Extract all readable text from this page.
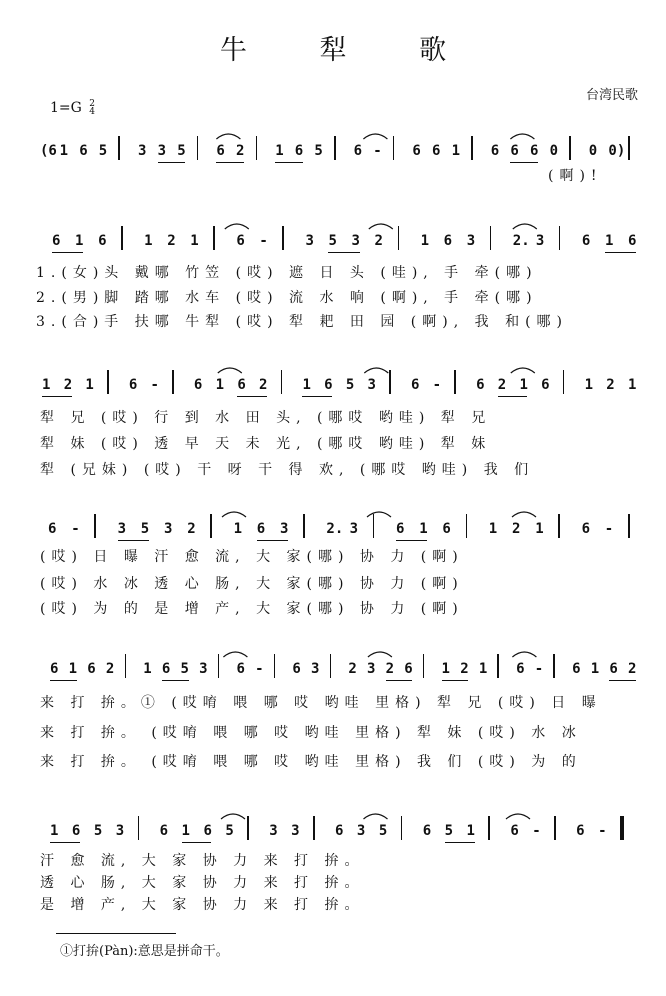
牛 犁 歌
台湾民歌
1=G 2
4
(6 1 6 5 3 3 5 6 2 1 6 5 6 - 6 6 1 6 6 6 0 0 0)
(啊)!
6 1 6	1 2 1	6 -	3 5 3 2	1 6 3	2. 3	6 1 6
1.(女)头 戴哪 竹笠 (哎) 遮 日 头 (哇), 手 牵(哪)
2.(男)脚 踏哪 水车 (哎) 流 水 响 (啊), 手 牵(哪)
3.(合)手 扶哪 牛犁 (哎) 犁 耙 田 园 (啊), 我 和(哪)
1 2 1 6 - 6 1 6 2 1 6 5 3 6 - 6 2 1 6 1 2 1
犁 兄 (哎) 行 到 水 田 头, (哪哎 哟哇) 犁 兄
犁 妹 (哎) 透 早 天 未 光, (哪哎 哟哇) 犁 妹
犁 (兄妹) (哎) 干 呀 干 得 欢, (哪哎 哟哇) 我 们
6 -	3 5 3 2	1 6 3	2. 3	6 1 6	1 2 1	6 -
(哎) 日 曝 汗 愈 流, 大 家(哪) 协 力 (啊)
(哎) 水 冰 透 心 肠, 大 家(哪) 协 力 (啊)
(哎) 为 的 是 增 产, 大 家(哪) 协 力 (啊)
6 1 6 2 1 6 5 3 6 - 6 3 2 3 2 6 1 2 1 6 - 6 1 6 2
来 打 拚。① (哎唷 喂 哪 哎 哟哇 里格) 犁 兄 (哎) 日 曝
来 打 拚。 (哎唷 喂 哪 哎 哟哇 里格) 犁 妹 (哎) 水 冰
来 打 拚。 (哎唷 喂 哪 哎 哟哇 里格) 我 们 (哎) 为 的
1 6 5 3	6 1 6 5	3 3	6 3 5	6 5 1	6 -	6 -
汗 愈 流, 大 家 协 力 来 打 拚。
透 心 肠, 大 家 协 力 来 打 拚。
是 增 产, 大 家 协 力 来 打 拚。
①打拚(Pàn):意思是拼命干。
